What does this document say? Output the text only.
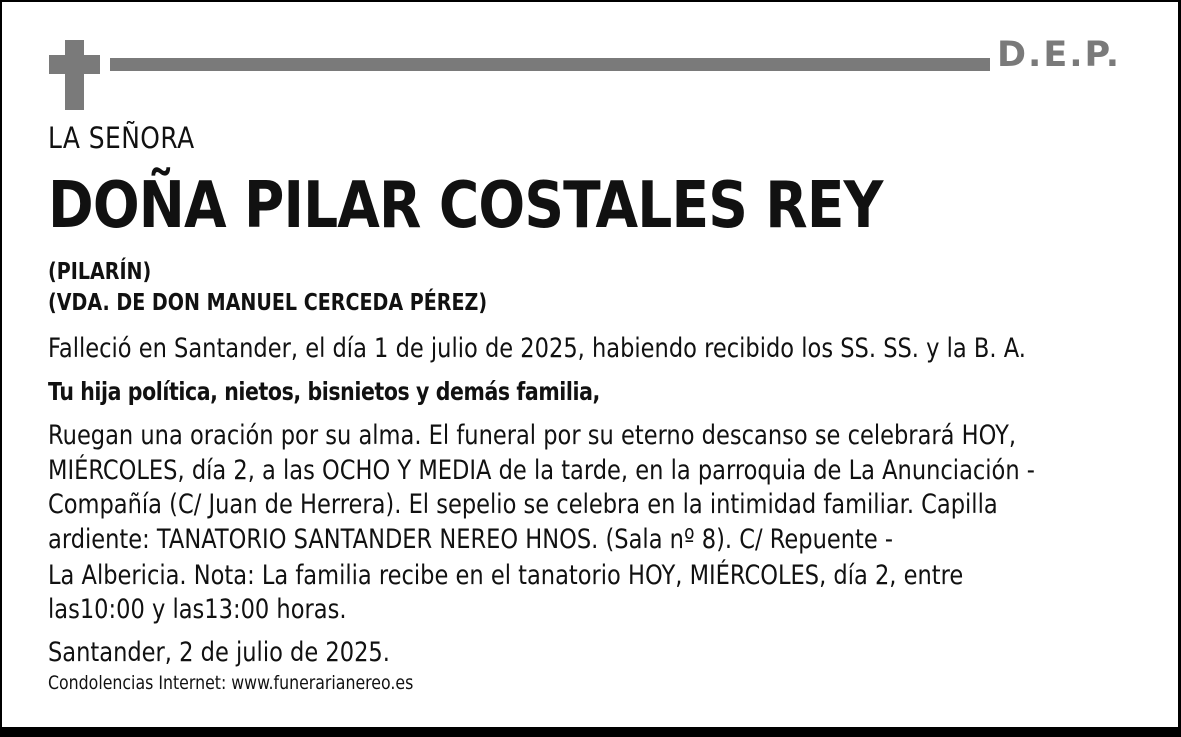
D.E.P.
LA SEÑORA
DOÑA PILAR COSTALES REY
(PILARÍN)
(VDA. DE DON MANUEL CERCEDA PÉREZ)
Falleció en Santander, el día 1 de julio de 2025, habiendo recibido los SS. SS. y la B. A.
Tu hija política, nietos, bisnietos y demás familia,
Ruegan una oración por su alma. El funeral por su eterno descanso se celebrará HOY,
MIÉRCOLES, día 2, a las OCHO Y MEDIA de la tarde, en la parroquia de La Anunciación -
Compañía (C/ Juan de Herrera). El sepelio se celebra en la intimidad familiar. Capilla
ardiente: TANATORIO SANTANDER NEREO HNOS. (Sala nº 8). C/ Repuente -
La Albericia. Nota: La familia recibe en el tanatorio HOY, MIÉRCOLES, día 2, entre
las10:00 y las13:00 horas.
Santander, 2 de julio de 2025.
Condolencias Internet: www.funerarianereo.es
